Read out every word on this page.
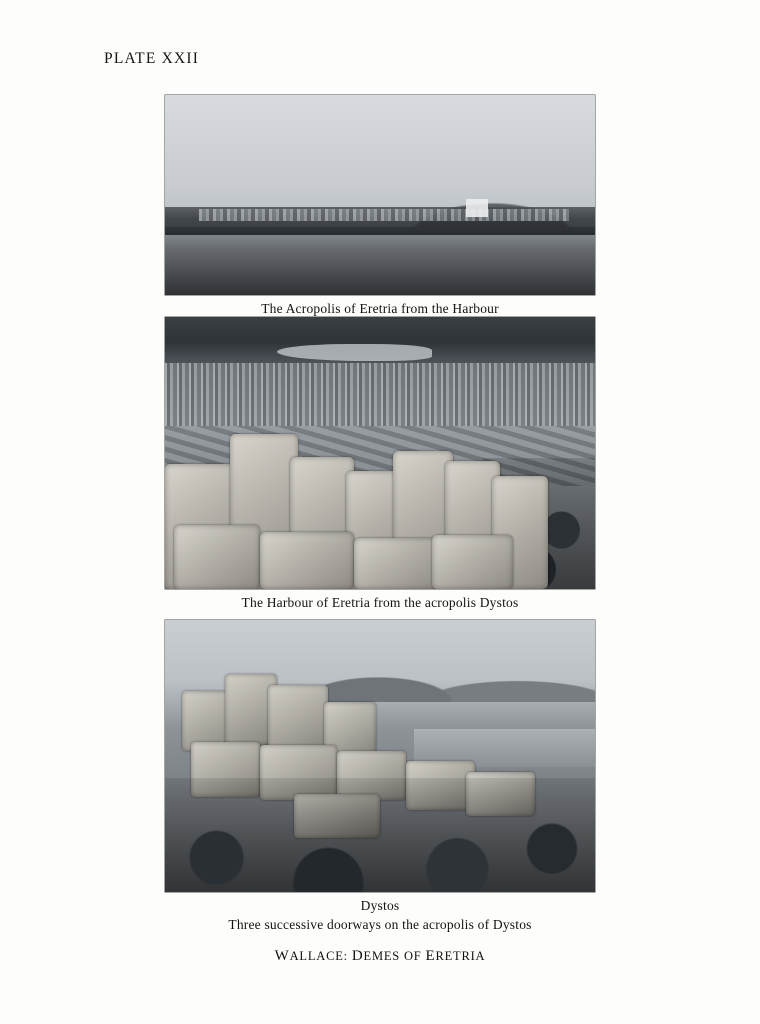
PLATE XXII
The Acropolis of Eretria from the Harbour
The Harbour of Eretria from the acropolis Dystos
Dystos
Three successive doorways on the acropolis of Dystos
WALLACE: DEMES OF ERETRIA
